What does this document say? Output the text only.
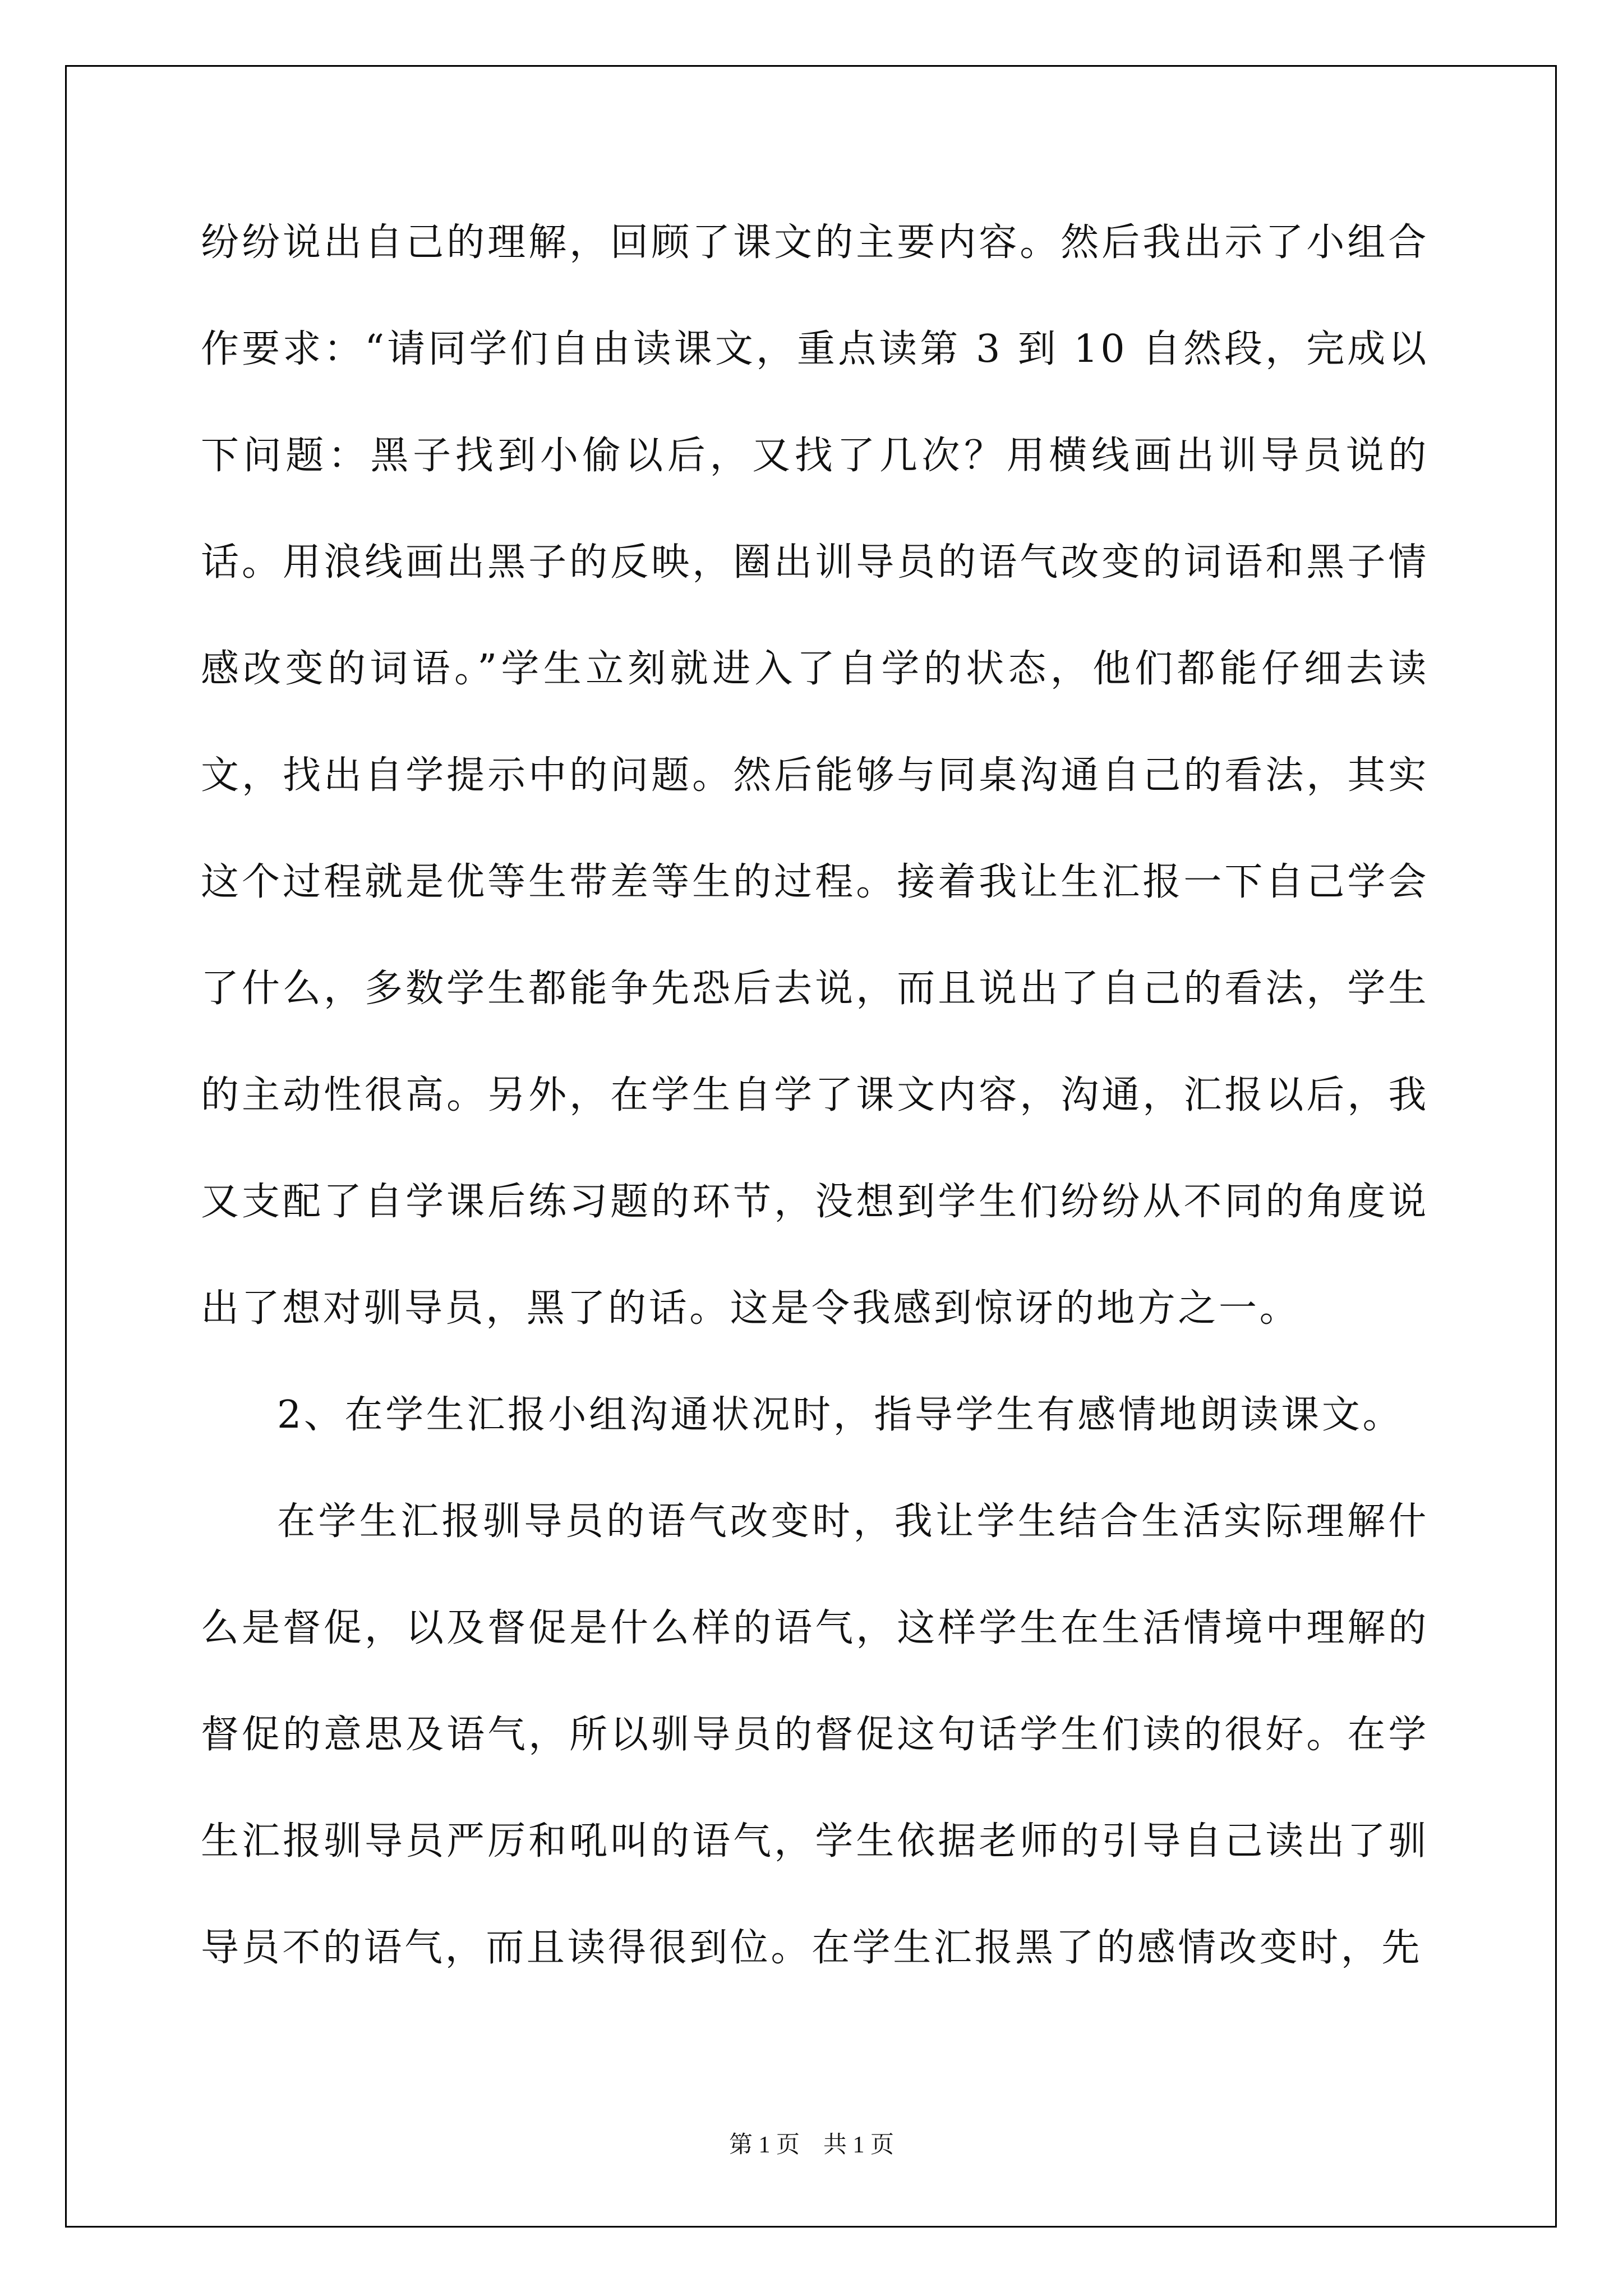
纷纷说出自己的理解，回顾了课文的主要内容。然后我出示了小组合作要求：“请同学们自由读课文，重点读第 3 到 10 自然段，完成以下问题：黑子找到小偷以后，又找了几次？用横线画出训导员说的话。用浪线画出黑子的反映，圈出训导员的语气改变的词语和黑子情感改变的词语。”学生立刻就进入了自学的状态，他们都能仔细去读文，找出自学提示中的问题。然后能够与同桌沟通自己的看法，其实这个过程就是优等生带差等生的过程。接着我让生汇报一下自己学会了什么，多数学生都能争先恐后去说，而且说出了自己的看法，学生的主动性很高。另外，在学生自学了课文内容，沟通，汇报以后，我又支配了自学课后练习题的环节，没想到学生们纷纷从不同的角度说出了想对驯导员，黑了的话。这是令我感到惊讶的地方之一。

2、在学生汇报小组沟通状况时，指导学生有感情地朗读课文。

在学生汇报驯导员的语气改变时，我让学生结合生活实际理解什么是督促，以及督促是什么样的语气，这样学生在生活情境中理解的督促的意思及语气，所以驯导员的督促这句话学生们读的很好。在学生汇报驯导员严厉和吼叫的语气，学生依据老师的引导自己读出了驯导员不的语气，而且读得很到位。在学生汇报黑了的感情改变时，先

第 1 页　共 1 页
